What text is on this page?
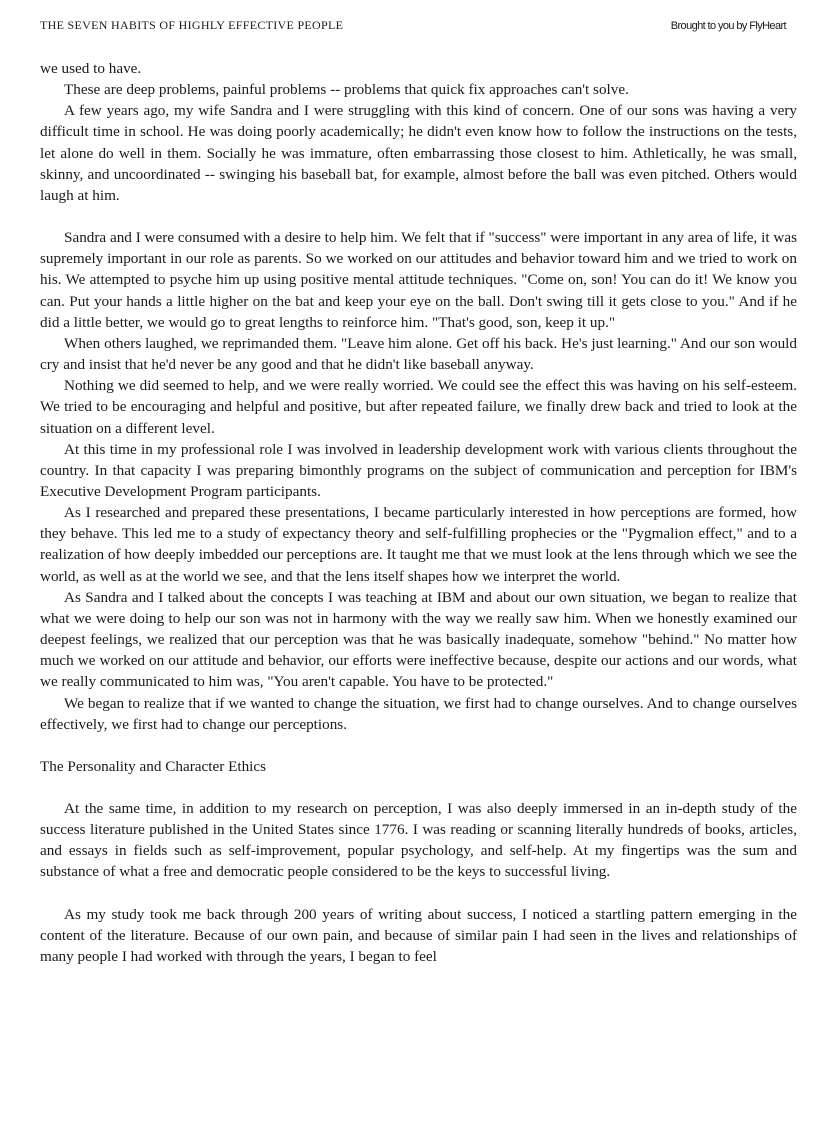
THE SEVEN HABITS OF HIGHLY EFFECTIVE PEOPLE	Brought to you by FlyHeart

we used to have.

These are deep problems, painful problems -- problems that quick fix approaches can't solve.

A few years ago, my wife Sandra and I were struggling with this kind of concern. One of our sons was having a very difficult time in school. He was doing poorly academically; he didn't even know how to follow the instructions on the tests, let alone do well in them. Socially he was immature, often embarrassing those closest to him. Athletically, he was small, skinny, and uncoordinated -- swinging his baseball bat, for example, almost before the ball was even pitched. Others would laugh at him.

Sandra and I were consumed with a desire to help him. We felt that if "success" were important in any area of life, it was supremely important in our role as parents. So we worked on our attitudes and behavior toward him and we tried to work on his. We attempted to psyche him up using positive mental attitude techniques. "Come on, son! You can do it! We know you can. Put your hands a little higher on the bat and keep your eye on the ball. Don't swing till it gets close to you." And if he did a little better, we would go to great lengths to reinforce him. "That's good, son, keep it up."

When others laughed, we reprimanded them. "Leave him alone. Get off his back. He's just learning." And our son would cry and insist that he'd never be any good and that he didn't like baseball anyway.

Nothing we did seemed to help, and we were really worried. We could see the effect this was having on his self-esteem. We tried to be encouraging and helpful and positive, but after repeated failure, we finally drew back and tried to look at the situation on a different level.

At this time in my professional role I was involved in leadership development work with various clients throughout the country. In that capacity I was preparing bimonthly programs on the subject of communication and perception for IBM's Executive Development Program participants.

As I researched and prepared these presentations, I became particularly interested in how perceptions are formed, how they behave. This led me to a study of expectancy theory and self-fulfilling prophecies or the "Pygmalion effect," and to a realization of how deeply imbedded our perceptions are. It taught me that we must look at the lens through which we see the world, as well as at the world we see, and that the lens itself shapes how we interpret the world.

As Sandra and I talked about the concepts I was teaching at IBM and about our own situation, we began to realize that what we were doing to help our son was not in harmony with the way we really saw him. When we honestly examined our deepest feelings, we realized that our perception was that he was basically inadequate, somehow "behind." No matter how much we worked on our attitude and behavior, our efforts were ineffective because, despite our actions and our words, what we really communicated to him was, "You aren't capable. You have to be protected."

We began to realize that if we wanted to change the situation, we first had to change ourselves. And to change ourselves effectively, we first had to change our perceptions.

The Personality and Character Ethics

At the same time, in addition to my research on perception, I was also deeply immersed in an in-depth study of the success literature published in the United States since 1776. I was reading or scanning literally hundreds of books, articles, and essays in fields such as self-improvement, popular psychology, and self-help. At my fingertips was the sum and substance of what a free and democratic people considered to be the keys to successful living.

As my study took me back through 200 years of writing about success, I noticed a startling pattern emerging in the content of the literature. Because of our own pain, and because of similar pain I had seen in the lives and relationships of many people I had worked with through the years, I began to feel
